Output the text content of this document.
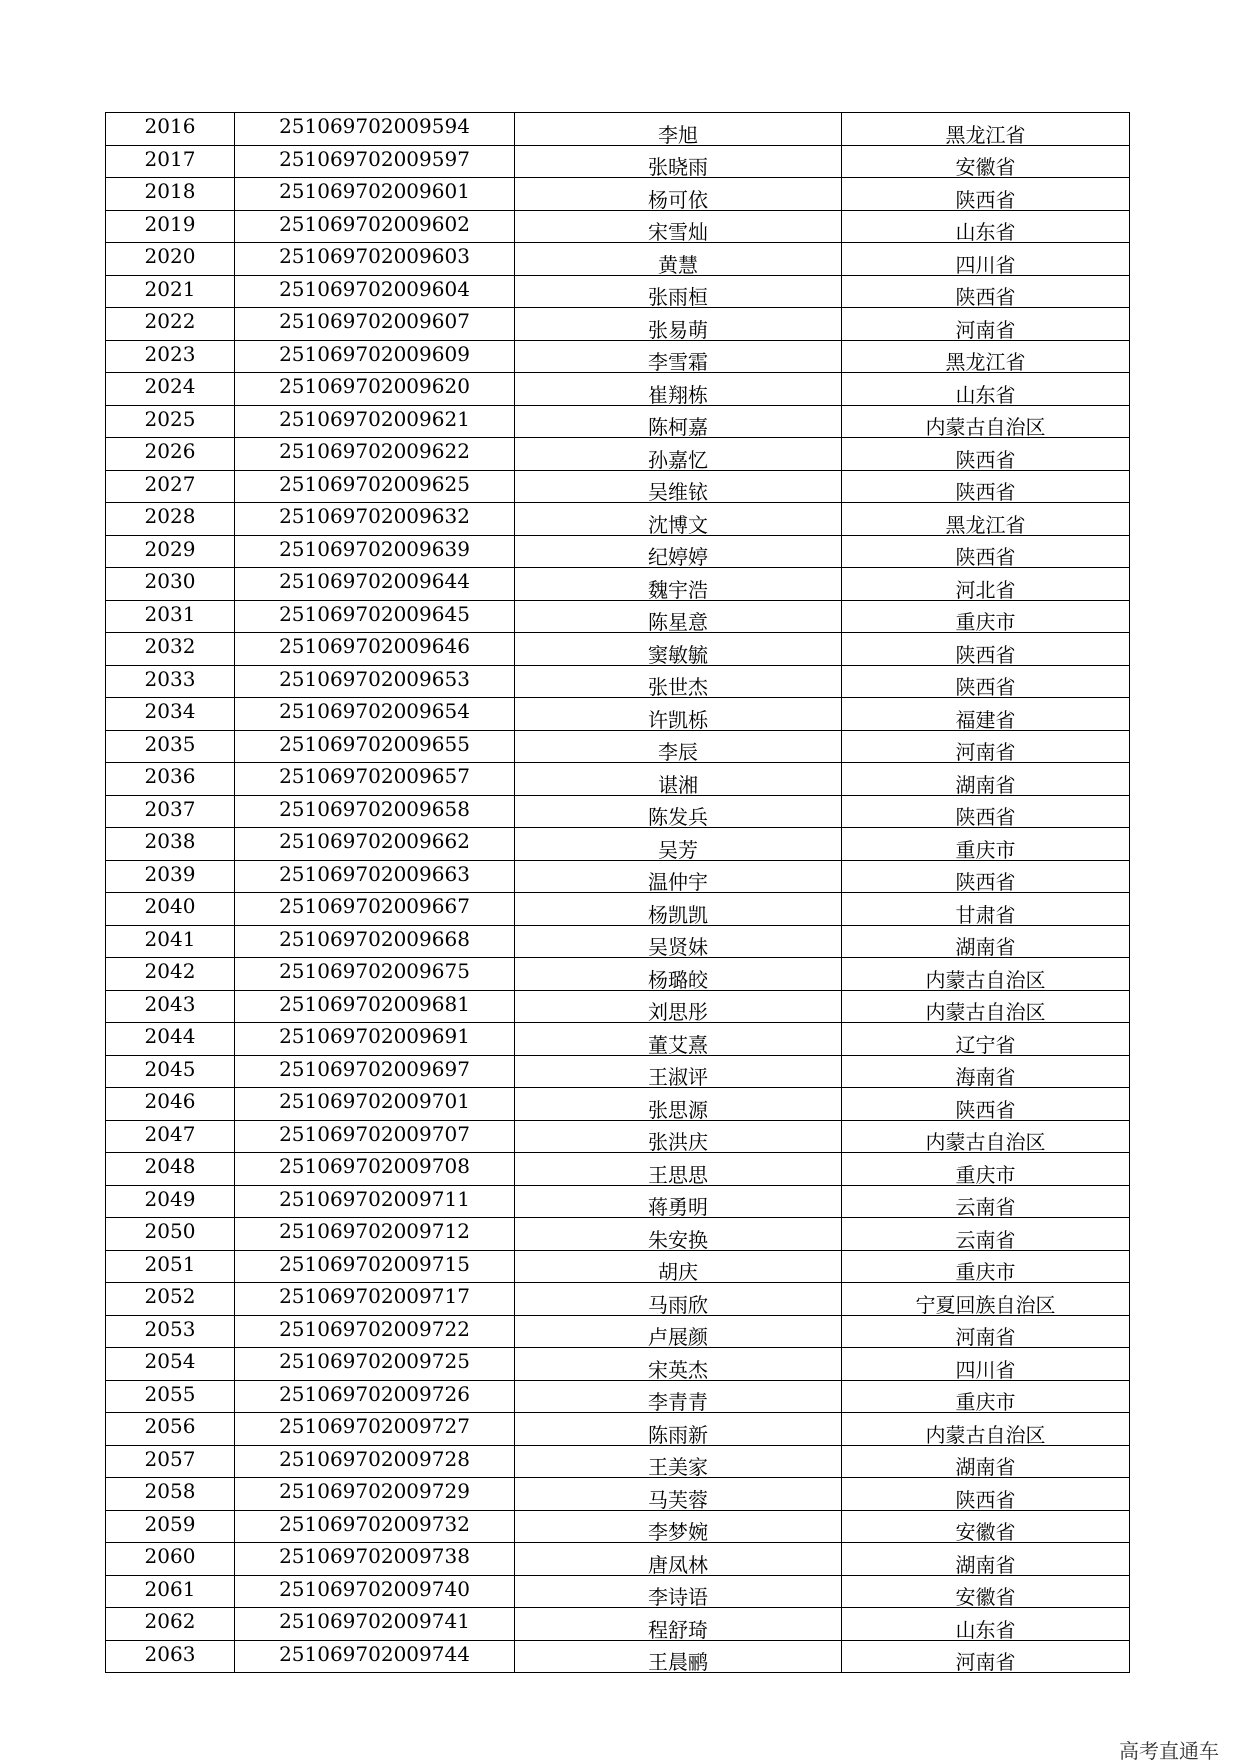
2016	251069702009594	李旭	黑龙江省
2017	251069702009597	张晓雨	安徽省
2018	251069702009601	杨可依	陕西省
2019	251069702009602	宋雪灿	山东省
2020	251069702009603	黄慧	四川省
2021	251069702009604	张雨桓	陕西省
2022	251069702009607	张易萌	河南省
2023	251069702009609	李雪霜	黑龙江省
2024	251069702009620	崔翔栋	山东省
2025	251069702009621	陈柯嘉	内蒙古自治区
2026	251069702009622	孙嘉忆	陕西省
2027	251069702009625	吴维铱	陕西省
2028	251069702009632	沈博文	黑龙江省
2029	251069702009639	纪婷婷	陕西省
2030	251069702009644	魏宇浩	河北省
2031	251069702009645	陈星意	重庆市
2032	251069702009646	窦敏毓	陕西省
2033	251069702009653	张世杰	陕西省
2034	251069702009654	许凯栎	福建省
2035	251069702009655	李辰	河南省
2036	251069702009657	谌湘	湖南省
2037	251069702009658	陈发兵	陕西省
2038	251069702009662	吴芳	重庆市
2039	251069702009663	温仲宇	陕西省
2040	251069702009667	杨凯凯	甘肃省
2041	251069702009668	吴贤妹	湖南省
2042	251069702009675	杨璐皎	内蒙古自治区
2043	251069702009681	刘思彤	内蒙古自治区
2044	251069702009691	董艾熹	辽宁省
2045	251069702009697	王淑评	海南省
2046	251069702009701	张思源	陕西省
2047	251069702009707	张洪庆	内蒙古自治区
2048	251069702009708	王思思	重庆市
2049	251069702009711	蒋勇明	云南省
2050	251069702009712	朱安换	云南省
2051	251069702009715	胡庆	重庆市
2052	251069702009717	马雨欣	宁夏回族自治区
2053	251069702009722	卢展颜	河南省
2054	251069702009725	宋英杰	四川省
2055	251069702009726	李青青	重庆市
2056	251069702009727	陈雨新	内蒙古自治区
2057	251069702009728	王美家	湖南省
2058	251069702009729	马芙蓉	陕西省
2059	251069702009732	李梦婉	安徽省
2060	251069702009738	唐凤林	湖南省
2061	251069702009740	李诗语	安徽省
2062	251069702009741	程舒琦	山东省
2063	251069702009744	王晨鹂	河南省
高考直通车
